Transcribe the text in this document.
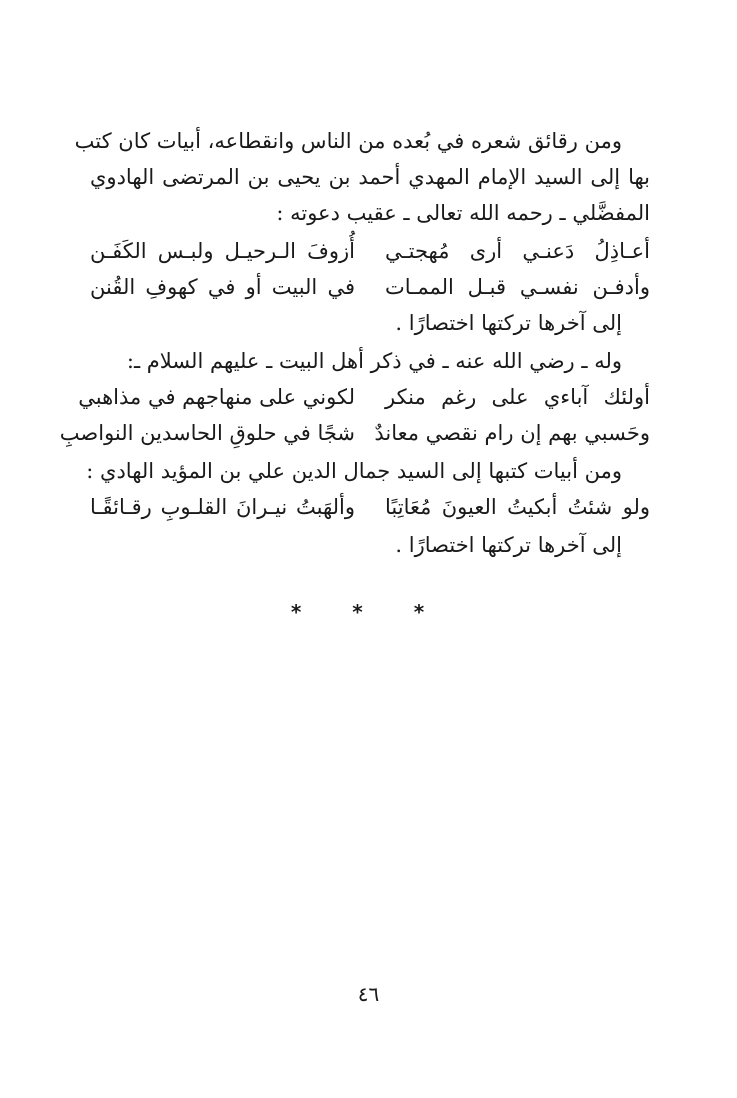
ومن رقائق شعره في بُعده من الناس وانقطاعه، أبيات كان كتب
بها إلى السيد الإمام المهدي أحمد بن يحيى بن المرتضى الهادوي
المفضَّلي ـ رحمه الله تعالى ـ عقيب دعوته :
أعـاذِلُ دَعنـي أرى مُهجتـي
أُزوفَ الـرحيـل ولبـس الكَفَـن
وأدفـن نفسـي قبـل الممـات
في البيت أو في كهوفِ القُنن
إلى آخرها تركتها اختصارًا .
وله ـ رضي الله عنه ـ في ذكر أهل البيت ـ عليهم السلام ـ:
أولئك آباءي على رغم منكر
لكوني على منهاجهم في مذاهبي
وحَسبي بهم إن رام نقصي معاندٌ
شجًا في حلوقِ الحاسدين النواصبِ
ومن أبيات كتبها إلى السيد جمال الدين علي بن المؤيد الهادي :
ولو شئتُ أبكيتُ العيونَ مُعَاتِبًا
وألهَبتُ نيـرانَ القلـوبِ رقـائقًـا
إلى آخرها تركتها اختصارًا .
* * *
٤٦
